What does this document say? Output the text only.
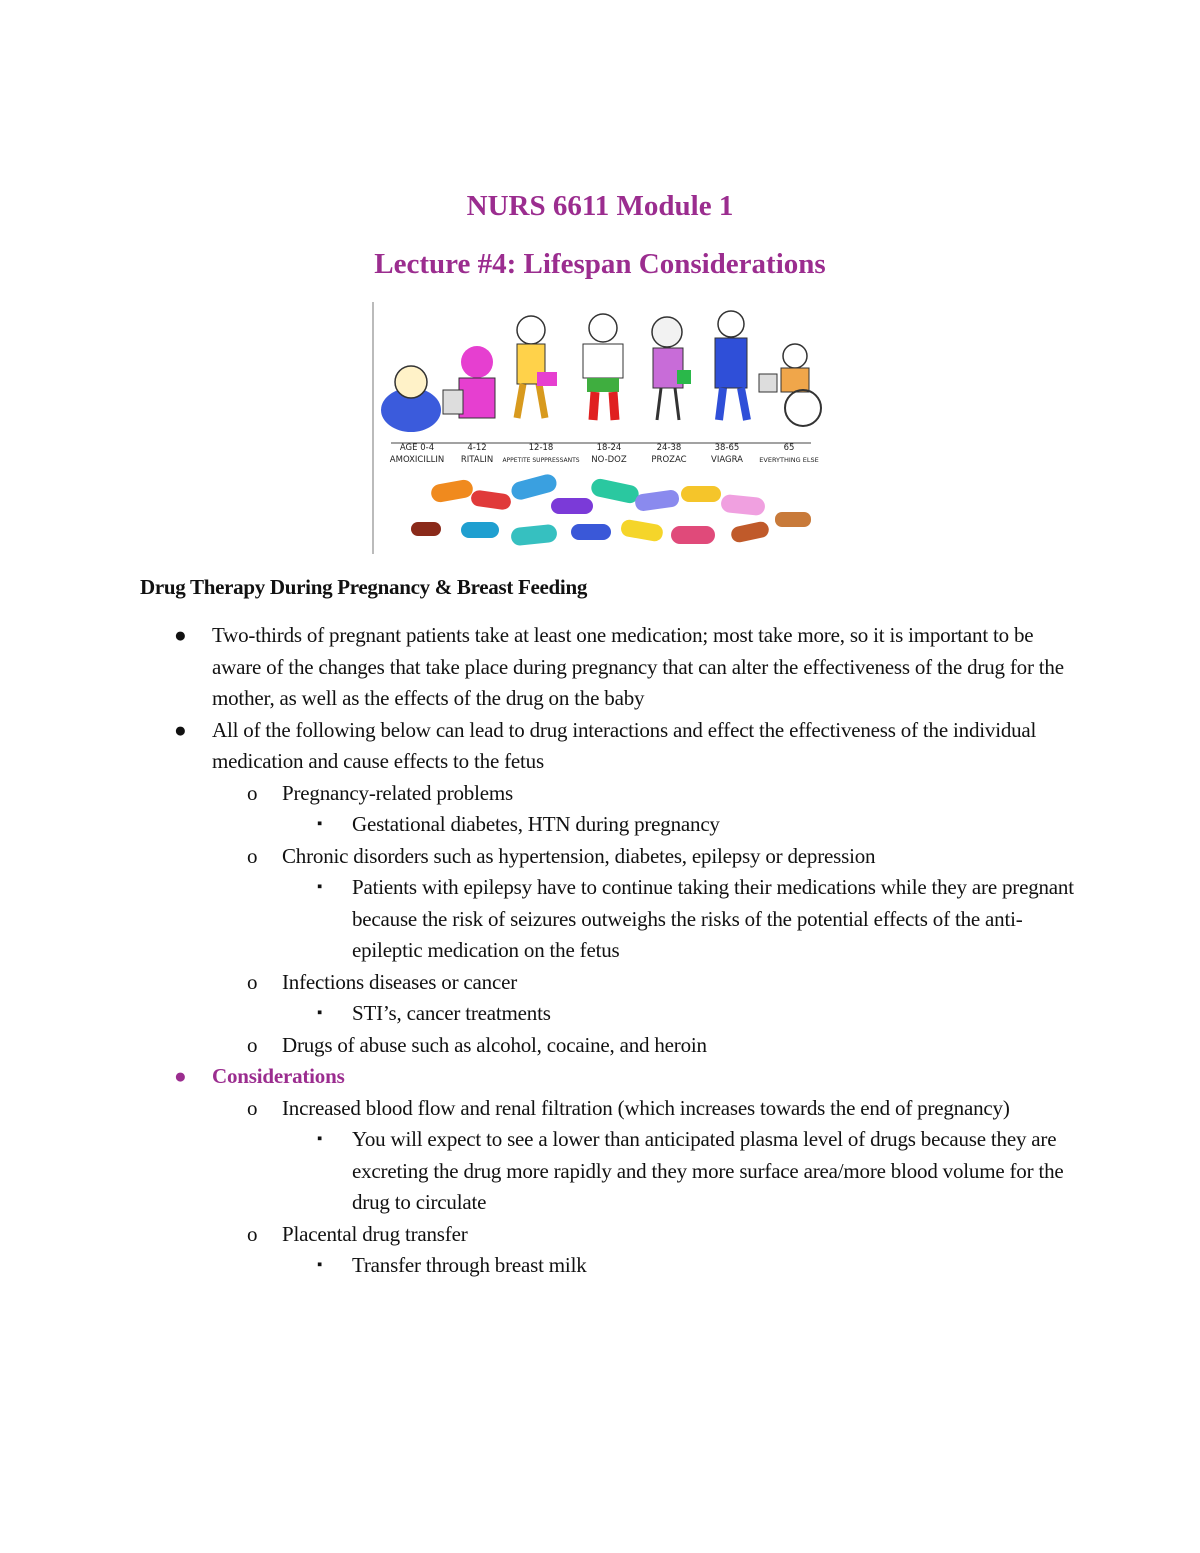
NURS 6611 Module 1
Lecture #4: Lifespan Considerations
AGE 0-4
AMOXICILLIN
4-12
RITALIN
12-18
APPETITE SUPPRESSANTS
18-24
NO-DOZ
24-38
PROZAC
38-65
VIAGRA
65
EVERYTHING ELSE
Drug Therapy During Pregnancy & Breast Feeding
● Two-thirds of pregnant patients take at least one medication; most take more, so it is important to be aware of the changes that take place during pregnancy that can alter the effectiveness of the drug for the mother, as well as the effects of the drug on the baby
● All of the following below can lead to drug interactions and effect the effectiveness of the individual medication and cause effects to the fetus
o Pregnancy-related problems
▪ Gestational diabetes, HTN during pregnancy
o Chronic disorders such as hypertension, diabetes, epilepsy or depression
▪ Patients with epilepsy have to continue taking their medications while they are pregnant because the risk of seizures outweighs the risks of the potential effects of the anti-epileptic medication on the fetus
o Infections diseases or cancer
▪ STI’s, cancer treatments
o Drugs of abuse such as alcohol, cocaine, and heroin
● Considerations
o Increased blood flow and renal filtration (which increases towards the end of pregnancy)
▪ You will expect to see a lower than anticipated plasma level of drugs because they are excreting the drug more rapidly and they more surface area/more blood volume for the drug to circulate
o Placental drug transfer
▪ Transfer through breast milk
